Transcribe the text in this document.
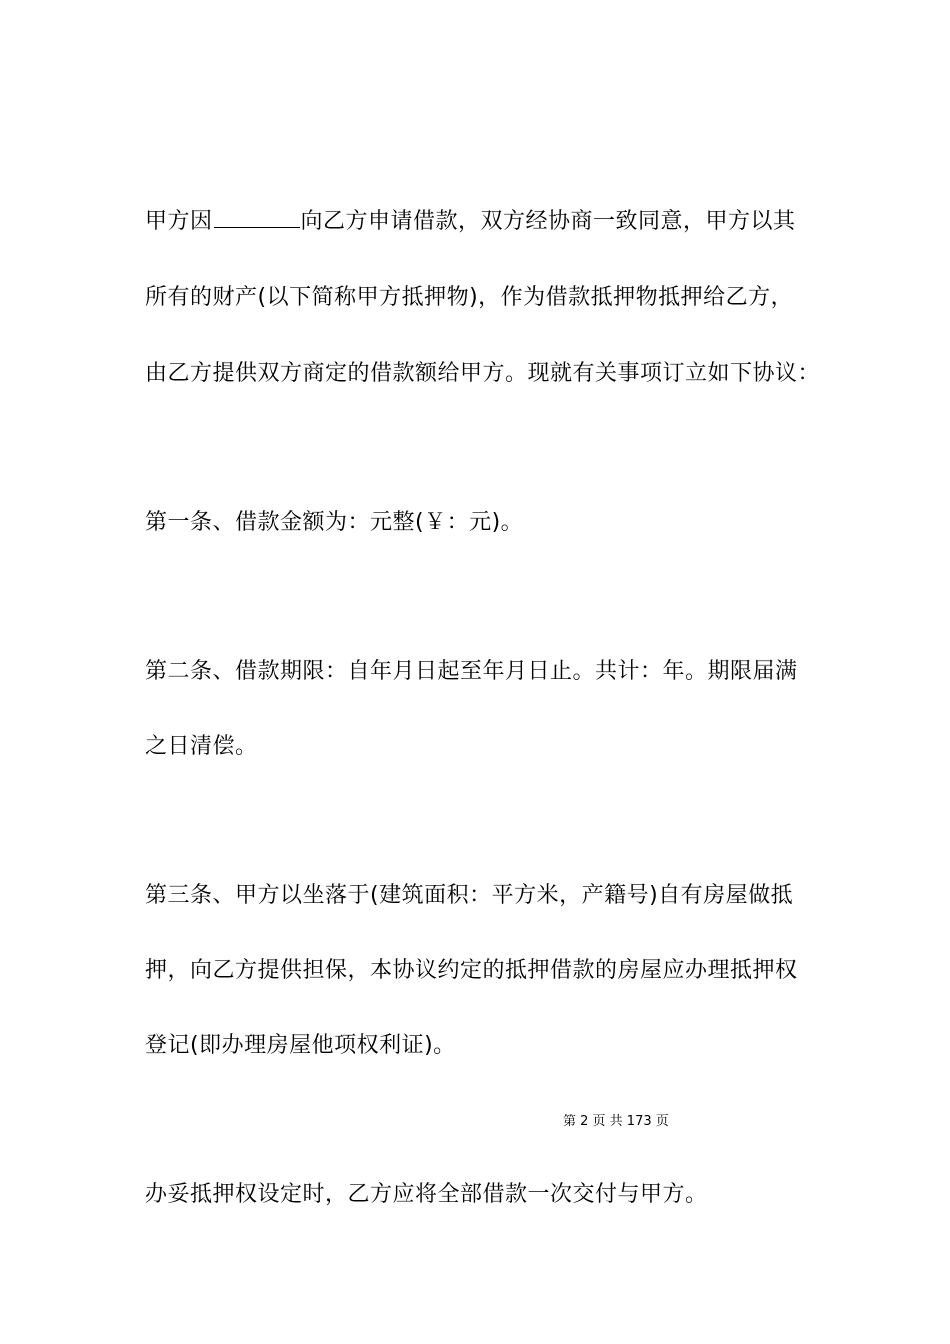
甲方因	向乙方申请借款，双方经协商一致同意，甲方以其
所有的财产(以下简称甲方抵押物)，作为借款抵押物抵押给乙方，
由乙方提供双方商定的借款额给甲方。现就有关事项订立如下协议：
第一条、借款金额为：元整(￥：元)。
第二条、借款期限：自年月日起至年月日止。共计：年。期限届满
之日清偿。
第三条、甲方以坐落于(建筑面积：平方米，产籍号)自有房屋做抵
押，向乙方提供担保，本协议约定的抵押借款的房屋应办理抵押权
登记(即办理房屋他项权利证)。
第 2 页 共 173 页
办妥抵押权设定时，乙方应将全部借款一次交付与甲方。
